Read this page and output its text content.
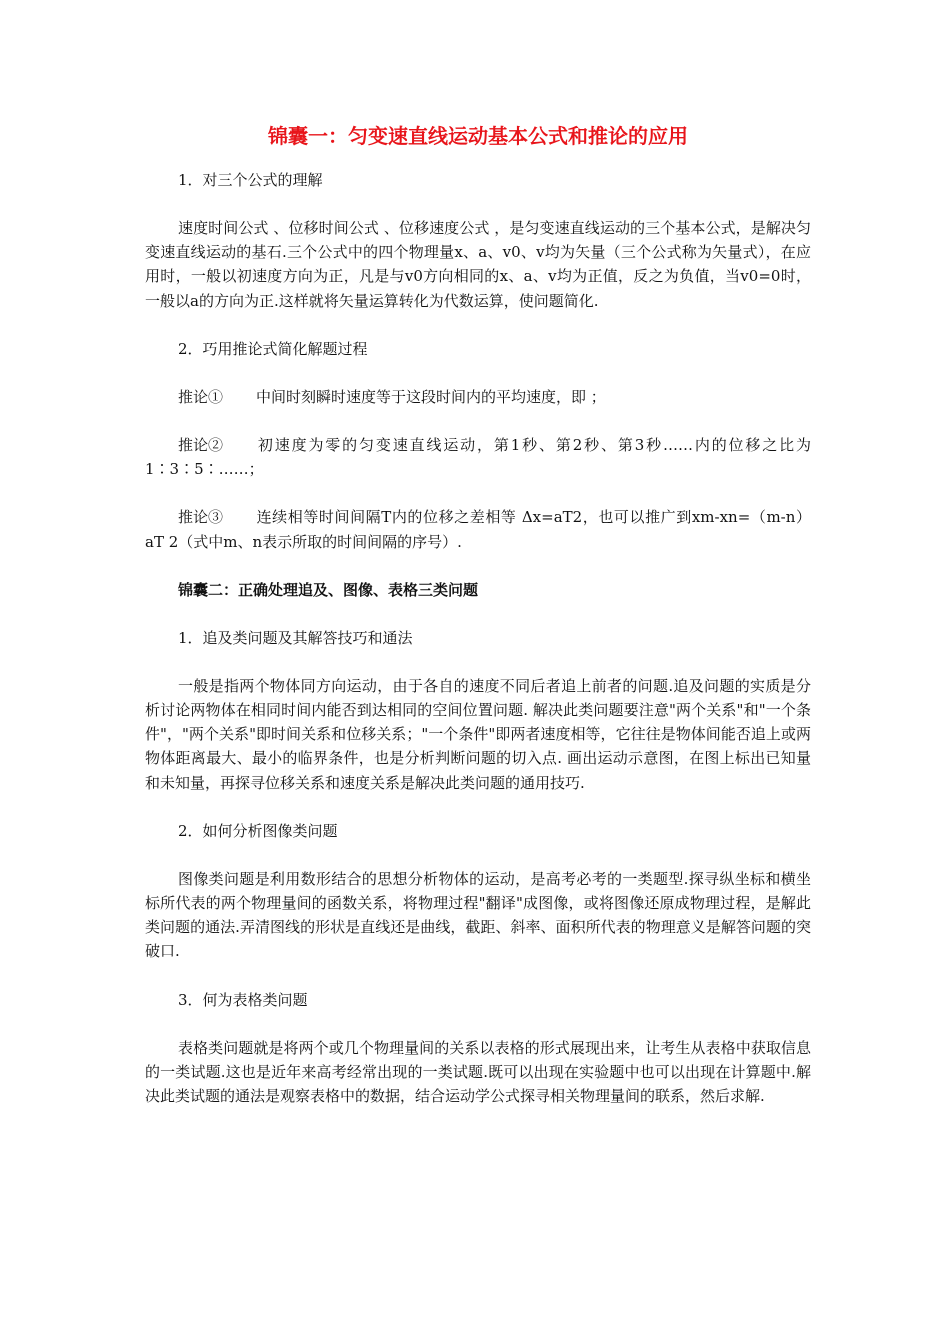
锦囊一：匀变速直线运动基本公式和推论的应用
1．对三个公式的理解
速度时间公式 、位移时间公式 、位移速度公式 ，是匀变速直线运动的三个基本公式，是解决匀变速直线运动的基石.三个公式中的四个物理量x、a、v0、v均为矢量（三个公式称为矢量式），在应用时，一般以初速度方向为正，凡是与v0方向相同的x、a、v均为正值，反之为负值，当v0=0时，一般以a的方向为正.这样就将矢量运算转化为代数运算，使问题简化.
2．巧用推论式简化解题过程
推论① 中间时刻瞬时速度等于这段时间内的平均速度，即 ；
推论② 初速度为零的匀变速直线运动，第1秒、第2秒、第3秒……内的位移之比为1∶3∶5∶……；
推论③ 连续相等时间间隔T内的位移之差相等 Δx=aT2，也可以推广到xm-xn=（m-n）aT 2（式中m、n表示所取的时间间隔的序号）.
锦囊二：正确处理追及、图像、表格三类问题
1．追及类问题及其解答技巧和通法
一般是指两个物体同方向运动，由于各自的速度不同后者追上前者的问题.追及问题的实质是分析讨论两物体在相同时间内能否到达相同的空间位置问题. 解决此类问题要注意"两个关系"和"一个条件"，"两个关系"即时间关系和位移关系；"一个条件"即两者速度相等，它往往是物体间能否追上或两物体距离最大、最小的临界条件，也是分析判断问题的切入点. 画出运动示意图，在图上标出已知量和未知量，再探寻位移关系和速度关系是解决此类问题的通用技巧.
2．如何分析图像类问题
图像类问题是利用数形结合的思想分析物体的运动，是高考必考的一类题型.探寻纵坐标和横坐标所代表的两个物理量间的函数关系，将物理过程"翻译"成图像，或将图像还原成物理过程，是解此类问题的通法.弄清图线的形状是直线还是曲线，截距、斜率、面积所代表的物理意义是解答问题的突破口.
3．何为表格类问题
表格类问题就是将两个或几个物理量间的关系以表格的形式展现出来，让考生从表格中获取信息的一类试题.这也是近年来高考经常出现的一类试题.既可以出现在实验题中也可以出现在计算题中.解决此类试题的通法是观察表格中的数据，结合运动学公式探寻相关物理量间的联系，然后求解.
